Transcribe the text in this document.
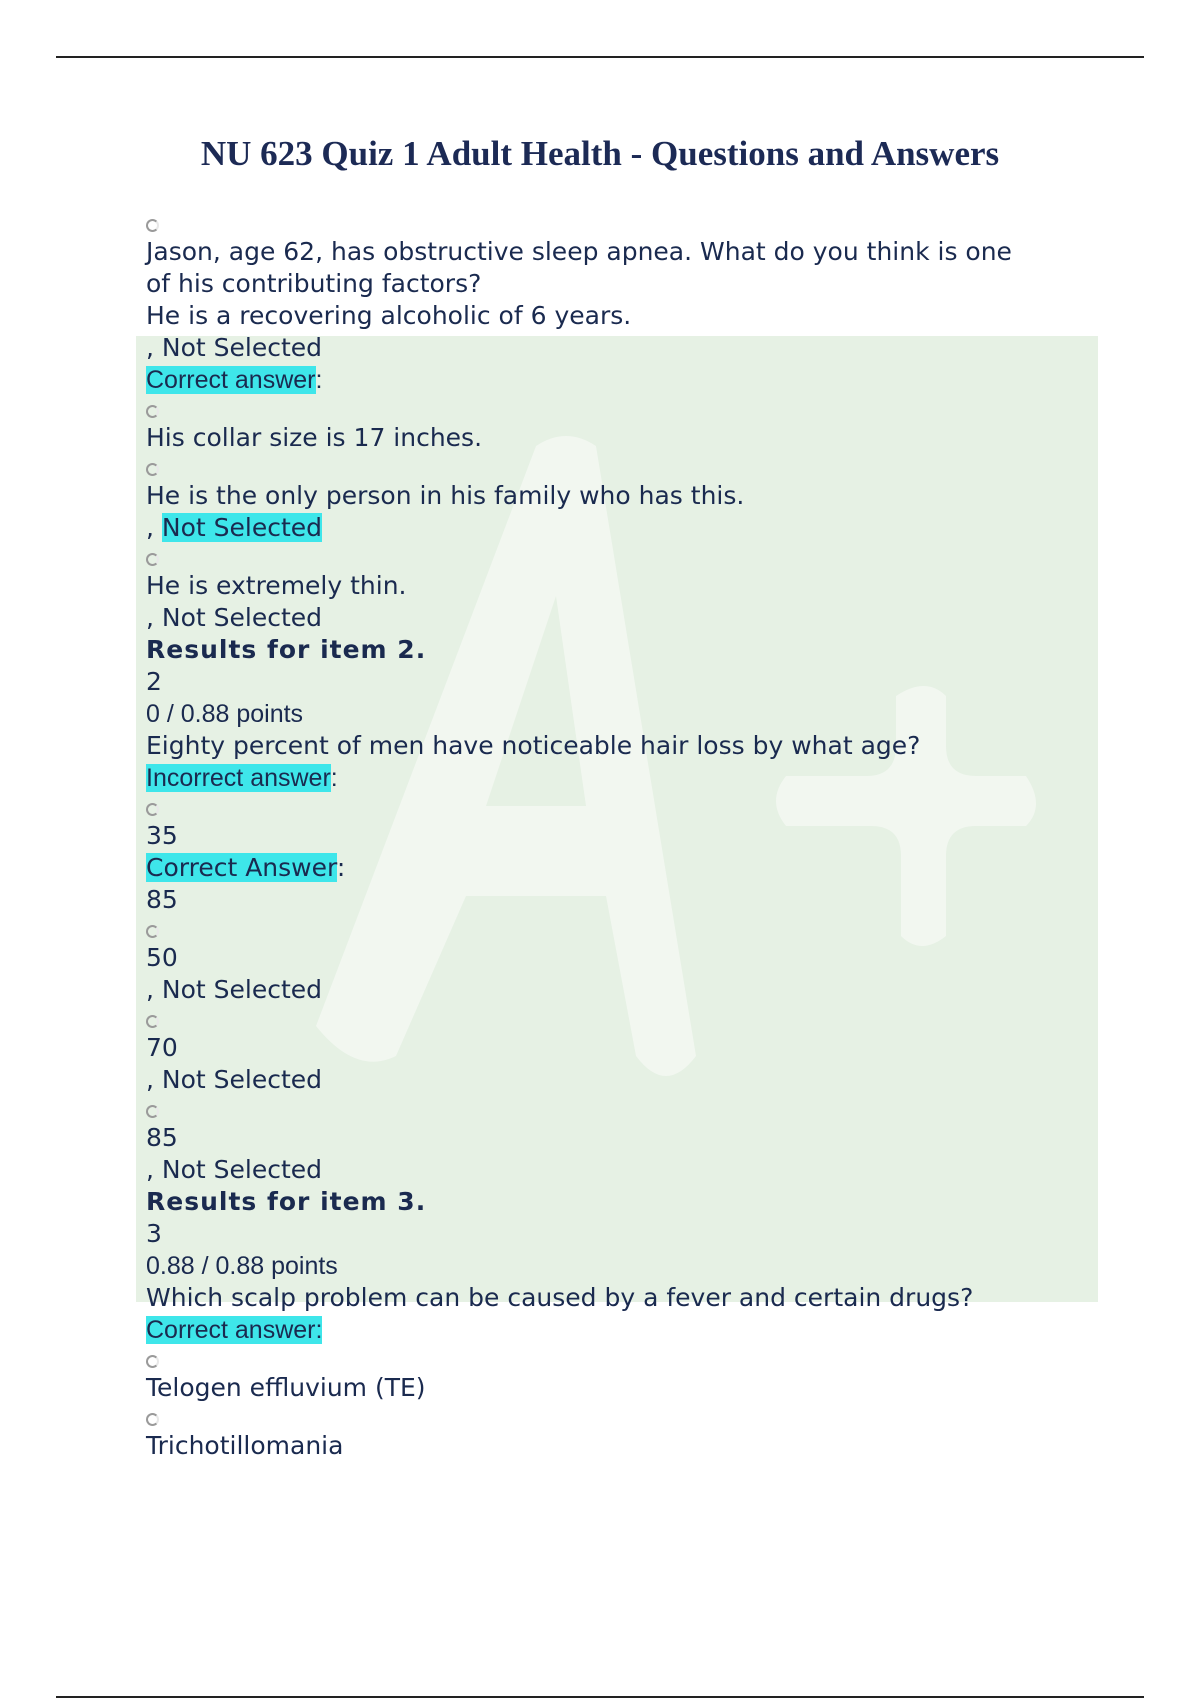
NU 623 Quiz 1 Adult Health - Questions and Answers
Jason, age 62, has obstructive sleep apnea. What do you think is one
of his contributing factors?
He is a recovering alcoholic of 6 years.
, Not Selected
Correct answer:
His collar size is 17 inches.
He is the only person in his family who has this.
, Not Selected
He is extremely thin.
, Not Selected
Results for item 2.
2
0 / 0.88 points
Eighty percent of men have noticeable hair loss by what age?
Incorrect answer:
35
Correct Answer:
85
50
, Not Selected
70
, Not Selected
85
, Not Selected
Results for item 3.
3
0.88 / 0.88 points
Which scalp problem can be caused by a fever and certain drugs?
Correct answer:
Telogen effluvium (TE)
Trichotillomania
